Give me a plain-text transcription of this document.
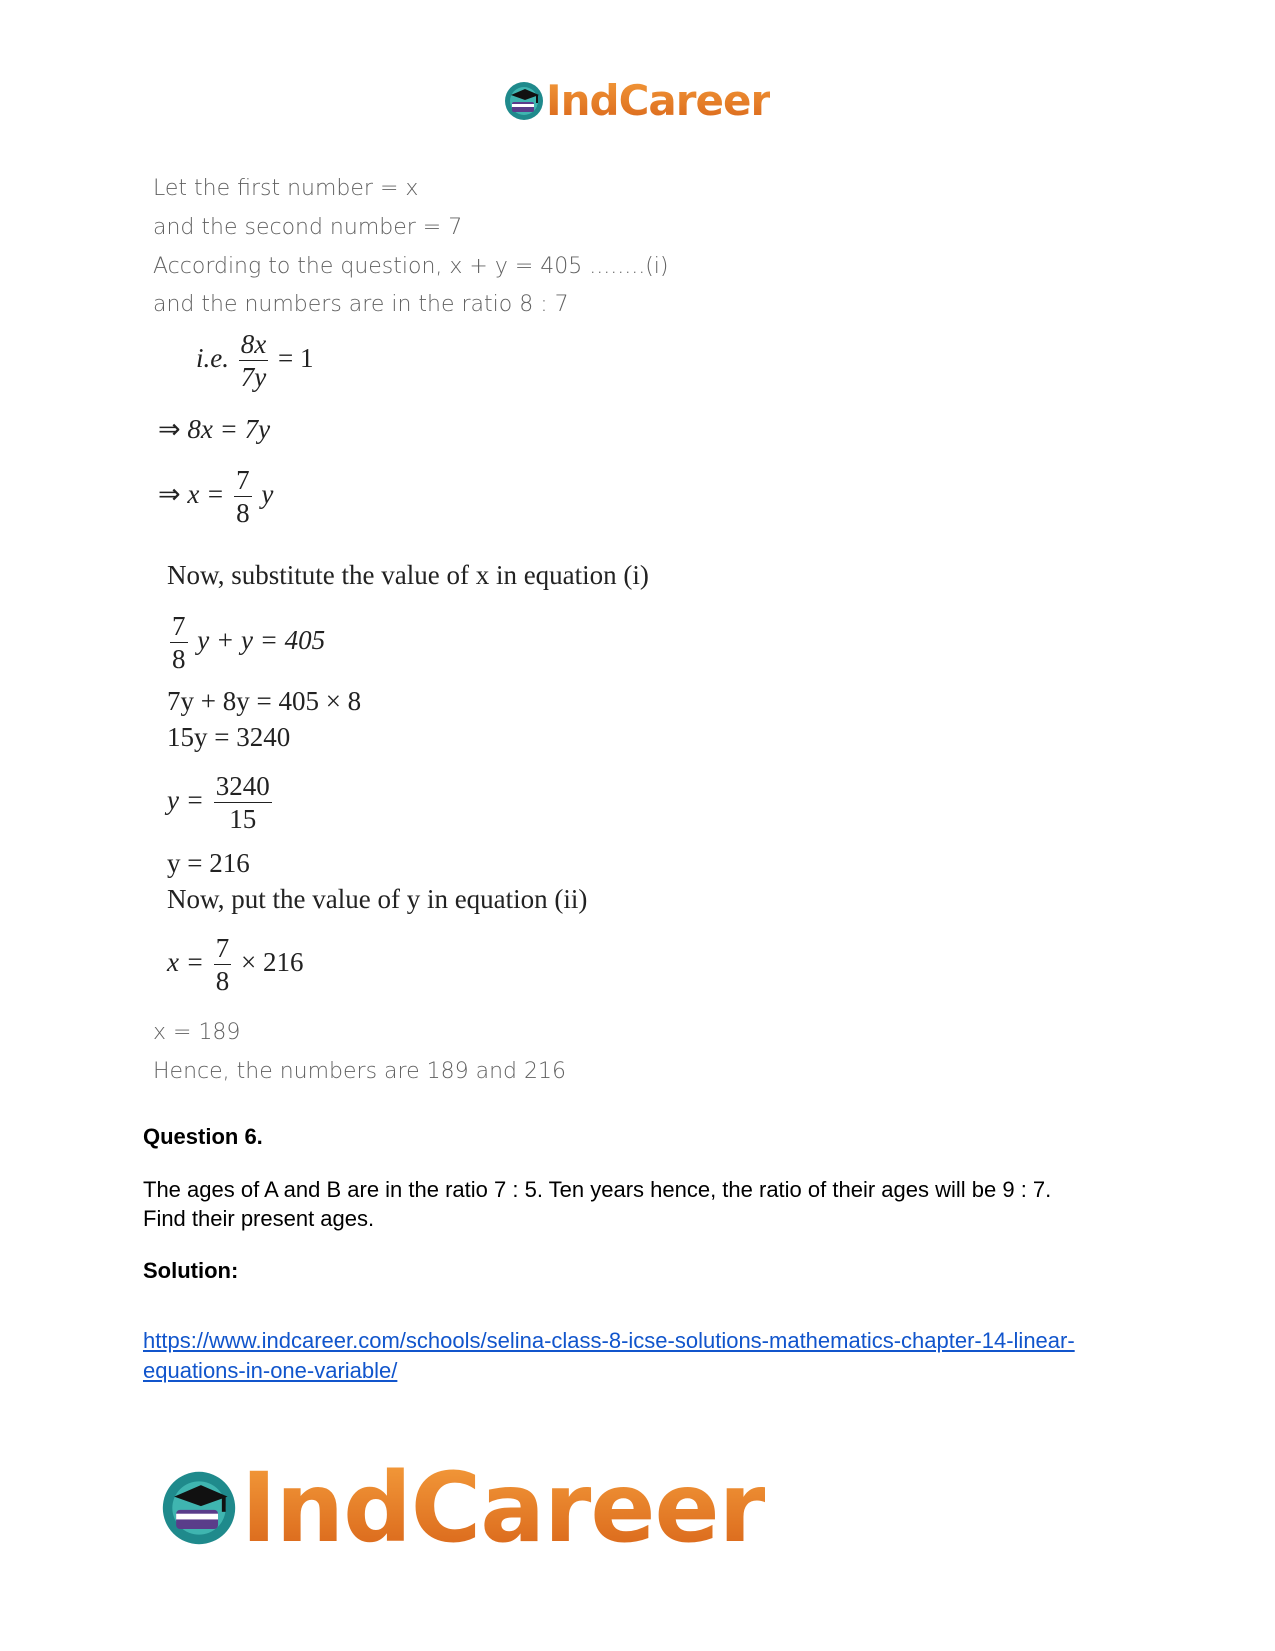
IndCareer
Let the first number = x
and the second number = 7
According to the question, x + y = 405 ........(i)
and the numbers are in the ratio 8 : 7
i.e. $\frac{8x}{7y} = 1$
⇒ 8x = 7y
⇒ $x = \frac{7}{8}$ y
Now, substitute the value of x in equation (i)
$\frac{7}{8}$ y + y = 405
7y + 8y = 405 × 8
15y = 3240
$y = \frac{3240}{15}$
y = 216
Now, put the value of y in equation (ii)
$x = \frac{7}{8} \times 216$
x = 189
Hence, the numbers are 189 and 216
Question 6.
The ages of A and B are in the ratio 7 : 5. Ten years hence, the ratio of their ages will be 9 : 7.
Find their present ages.
Solution:
https://www.indcareer.com/schools/selina-class-8-icse-solutions-mathematics-chapter-14-linear-
equations-in-one-variable/
IndCareer
